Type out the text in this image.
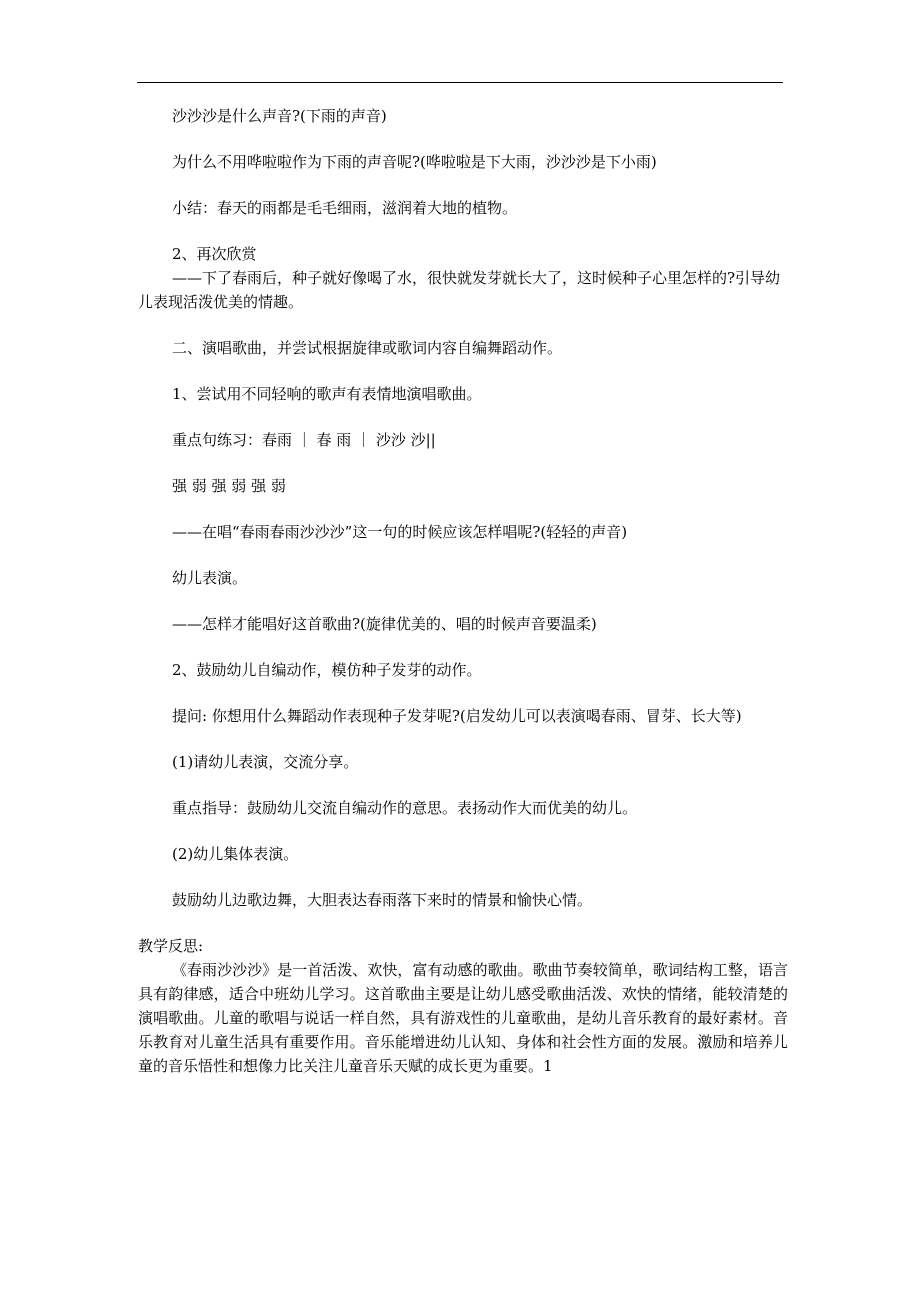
沙沙沙是什么声音?(下雨的声音)

为什么不用哗啦啦作为下雨的声音呢?(哗啦啦是下大雨，沙沙沙是下小雨)

小结：春天的雨都是毛毛细雨，滋润着大地的植物。

2、再次欣赏

——下了春雨后，种子就好像喝了水，很快就发芽就长大了，这时候种子心里怎样的?引导幼儿表现活泼优美的情趣。

二、演唱歌曲，并尝试根据旋律或歌词内容自编舞蹈动作。

1、尝试用不同轻响的歌声有表情地演唱歌曲。

重点句练习：春雨 ｜ 春 雨 ｜ 沙沙 沙||

强 弱 强 弱 强 弱

——在唱“春雨春雨沙沙沙”这一句的时候应该怎样唱呢?(轻轻的声音)

幼儿表演。

——怎样才能唱好这首歌曲?(旋律优美的、唱的时候声音要温柔)

2、鼓励幼儿自编动作，模仿种子发芽的动作。

提问: 你想用什么舞蹈动作表现种子发芽呢?(启发幼儿可以表演喝春雨、冒芽、长大等)

(1)请幼儿表演，交流分享。

重点指导：鼓励幼儿交流自编动作的意思。表扬动作大而优美的幼儿。

(2)幼儿集体表演。

鼓励幼儿边歌边舞，大胆表达春雨落下来时的情景和愉快心情。

教学反思:

《春雨沙沙沙》是一首活泼、欢快，富有动感的歌曲。歌曲节奏较简单，歌词结构工整，语言具有韵律感，适合中班幼儿学习。这首歌曲主要是让幼儿感受歌曲活泼、欢快的情绪，能较清楚的演唱歌曲。儿童的歌唱与说话一样自然，具有游戏性的儿童歌曲，是幼儿音乐教育的最好素材。音乐教育对儿童生活具有重要作用。音乐能增进幼儿认知、身体和社会性方面的发展。激励和培养儿童的音乐悟性和想像力比关注儿童音乐天赋的成长更为重要。1
